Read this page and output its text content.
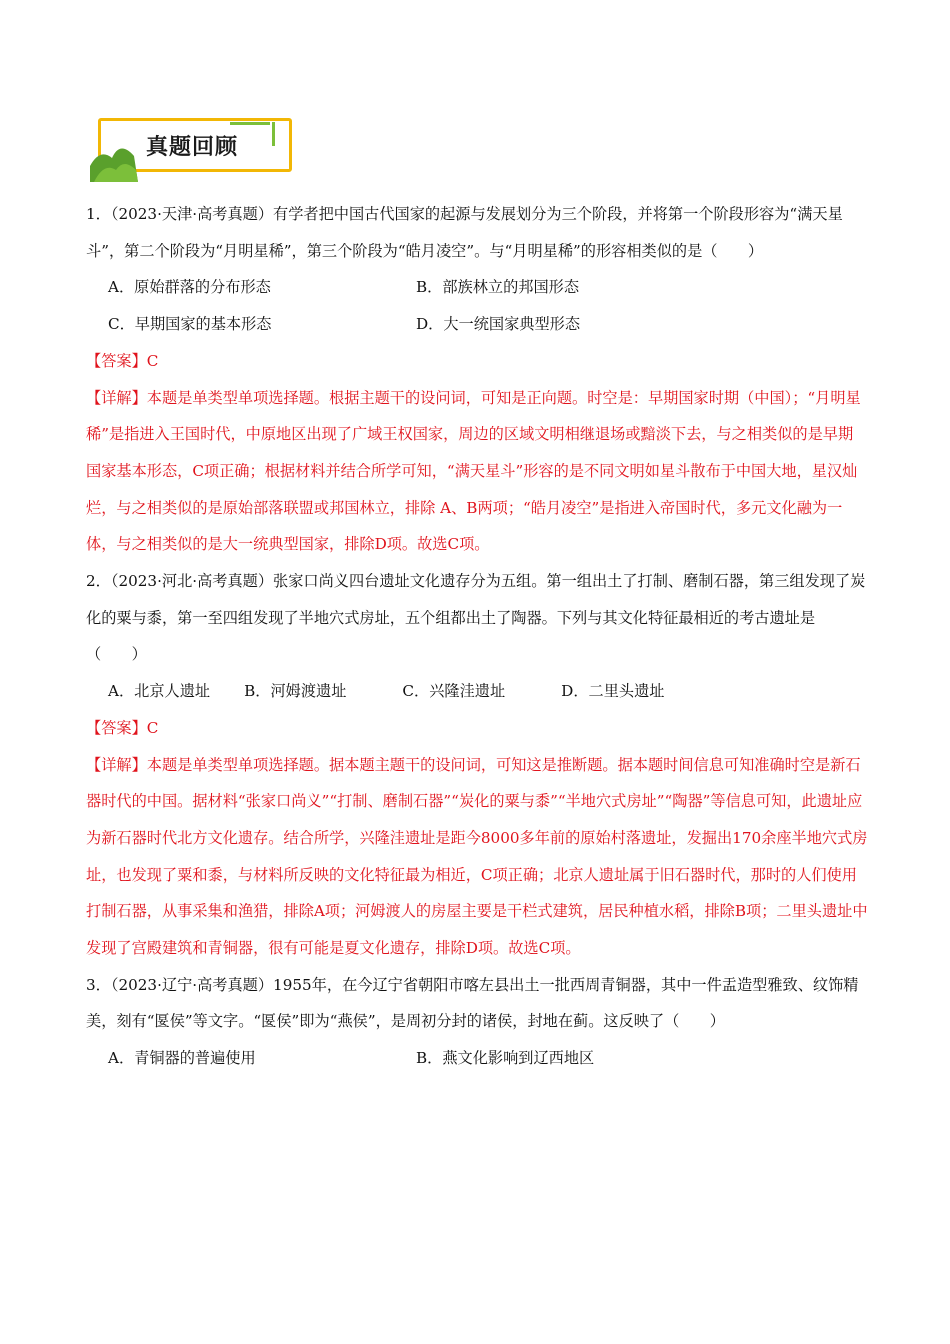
真题回顾

1．（2023·天津·高考真题）有学者把中国古代国家的起源与发展划分为三个阶段，并将第一个阶段形容为“满天星斗”，第二个阶段为“月明星稀”，第三个阶段为“皓月凌空”。与“月明星稀”的形容相类似的是（　　）

A．原始群落的分布形态	B．部族林立的邦国形态
C．早期国家的基本形态	D．大一统国家典型形态

【答案】C

【详解】本题是单类型单项选择题。根据主题干的设问词，可知是正向题。时空是：早期国家时期（中国）；“月明星稀”是指进入王国时代，中原地区出现了广域王权国家，周边的区域文明相继退场或黯淡下去，与之相类似的是早期国家基本形态，C项正确；根据材料并结合所学可知，“满天星斗”形容的是不同文明如星斗散布于中国大地，星汉灿烂，与之相类似的是原始部落联盟或邦国林立，排除 A、B两项；“皓月凌空”是指进入帝国时代，多元文化融为一体，与之相类似的是大一统典型国家，排除D项。故选C项。

2．（2023·河北·高考真题）张家口尚义四台遗址文化遗存分为五组。第一组出土了打制、磨制石器，第三组发现了炭化的粟与黍，第一至四组发现了半地穴式房址，五个组都出土了陶器。下列与其文化特征最相近的考古遗址是（　　）

A．北京人遗址 B．河姆渡遗址	C．兴隆洼遗址	D．二里头遗址

【答案】C

【详解】本题是单类型单项选择题。据本题主题干的设问词，可知这是推断题。据本题时间信息可知准确时空是新石器时代的中国。据材料“张家口尚义”“打制、磨制石器”“炭化的粟与黍”“半地穴式房址”“陶器”等信息可知，此遗址应为新石器时代北方文化遗存。结合所学，兴隆洼遗址是距今8000多年前的原始村落遗址，发掘出170余座半地穴式房址，也发现了粟和黍，与材料所反映的文化特征最为相近，C项正确；北京人遗址属于旧石器时代，那时的人们使用打制石器，从事采集和渔猎，排除A项；河姆渡人的房屋主要是干栏式建筑，居民种植水稻，排除B项；二里头遗址中发现了宫殿建筑和青铜器，很有可能是夏文化遗存，排除D项。故选C项。

3．（2023·辽宁·高考真题）1955年，在今辽宁省朝阳市喀左县出土一批西周青铜器，其中一件盂造型雅致、纹饰精美，刻有“匽侯”等文字。“匽侯”即为“燕侯”，是周初分封的诸侯，封地在蓟。这反映了（　　）

A．青铜器的普遍使用	B．燕文化影响到辽西地区
